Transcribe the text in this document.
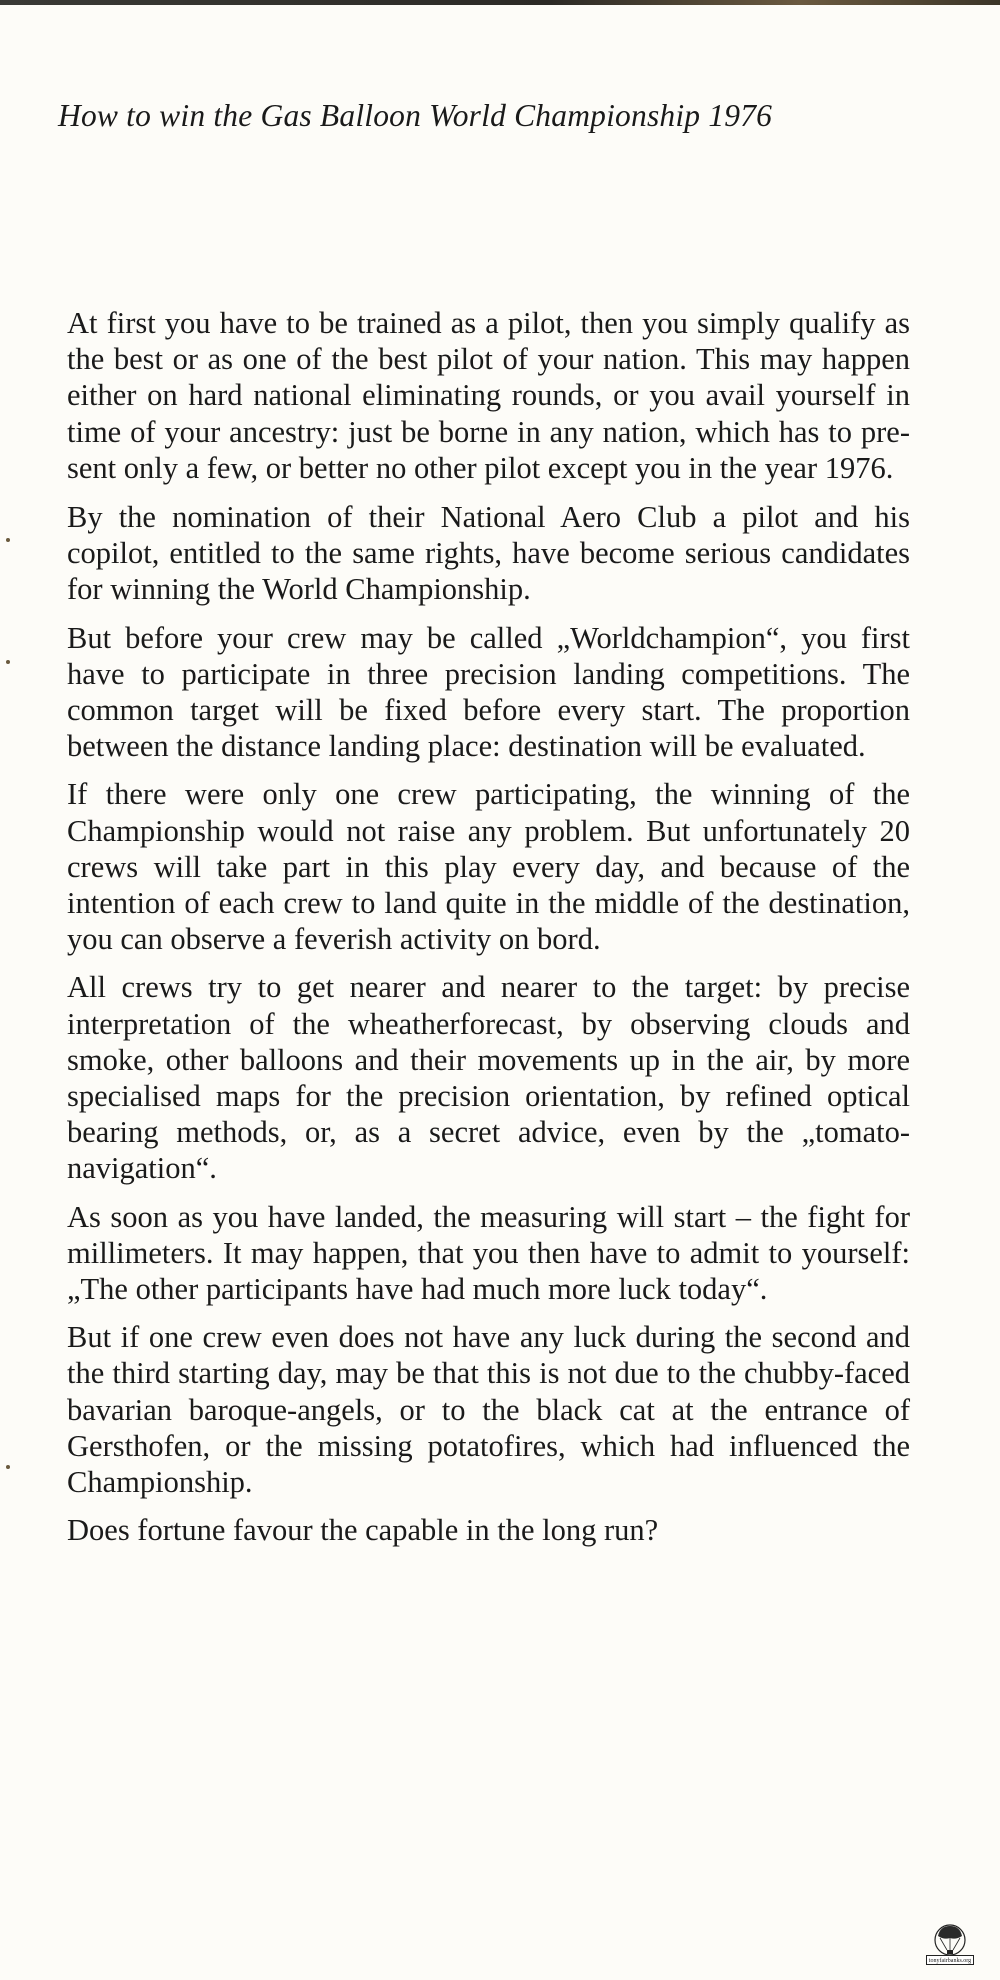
How to win the Gas Balloon World Championship 1976

At first you have to be trained as a pilot, then you simply qualify as the best or as one of the best pilot of your nation. This may happen either on hard national eliminating rounds, or you avail yourself in time of your ancestry: just be borne in any nation, which has to present only a few, or better no other pilot except you in the year 1976.

By the nomination of their National Aero Club a pilot and his copilot, entitled to the same rights, have become serious candidates for winning the World Championship.

But before your crew may be called „Worldchampion“, you first have to participate in three precision landing competitions. The common target will be fixed before every start. The proportion between the distance landing place: destination will be evaluated.

If there were only one crew participating, the winning of the Championship would not raise any problem. But unfortunately 20 crews will take part in this play every day, and because of the intention of each crew to land quite in the middle of the destination, you can observe a feverish activity on bord.

All crews try to get nearer and nearer to the target: by precise interpretation of the wheatherforecast, by observing clouds and smoke, other balloons and their movements up in the air, by more specialised maps for the precision orientation, by refined optical bearing methods, or, as a secret advice, even by the „tomato-navigation“.

As soon as you have landed, the measuring will start – the fight for millimeters. It may happen, that you then have to admit to yourself: „The other participants have had much more luck today“.

But if one crew even does not have any luck during the second and the third starting day, may be that this is not due to the chubby-faced bavarian baroque-angels, or to the black cat at the entrance of Gersthofen, or the missing potatofires, which had influenced the Championship.

Does fortune favour the capable in the long run?

tonyfairbanks.org
